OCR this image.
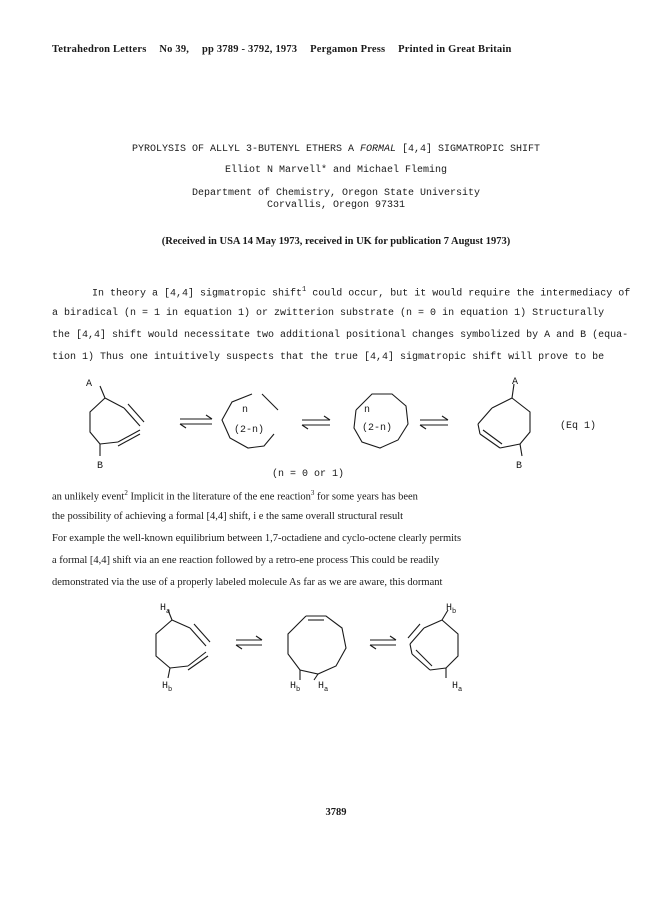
Tetrahedron Letters No 39, pp 3789 - 3792, 1973 Pergamon Press Printed in Great Britain
PYROLYSIS OF ALLYL 3-BUTENYL ETHERS A FORMAL [4,4] SIGMATROPIC SHIFT
Elliot N Marvell* and Michael Fleming
Department of Chemistry, Oregon State University
Corvallis, Oregon 97331
(Received in USA 14 May 1973, received in UK for publication 7 August 1973)
In theory a [4,4] sigmatropic shift$^1$ could occur, but it would require the intermediacy of
a biradical (n = 1 in equation 1) or zwitterion substrate (n = 0 in equation 1) Structurally
the [4,4] shift would necessitate two additional positional changes symbolized by A and B (equa-
tion 1) Thus one intuitively suspects that the true [4,4] sigmatropic shift will prove to be
A
B
n
(2-n)
n
(2-n)
A
B
(Eq 1)
(n = 0 or 1)
an unlikely event$^2$ Implicit in the literature of the ene reaction$^3$ for some years has been
the possibility of achieving a formal [4,4] shift, i e the same overall structural result
For example the well-known equilibrium between 1,7-octadiene and cyclo-octene clearly permits
a formal [4,4] shift via an ene reaction followed by a retro-ene process This could be readily
demonstrated via the use of a properly labeled molecule As far as we are aware, this dormant
$H_a$
$H_b$	$H_b$ $H_a$
$H_b$
$H_a$
3789
